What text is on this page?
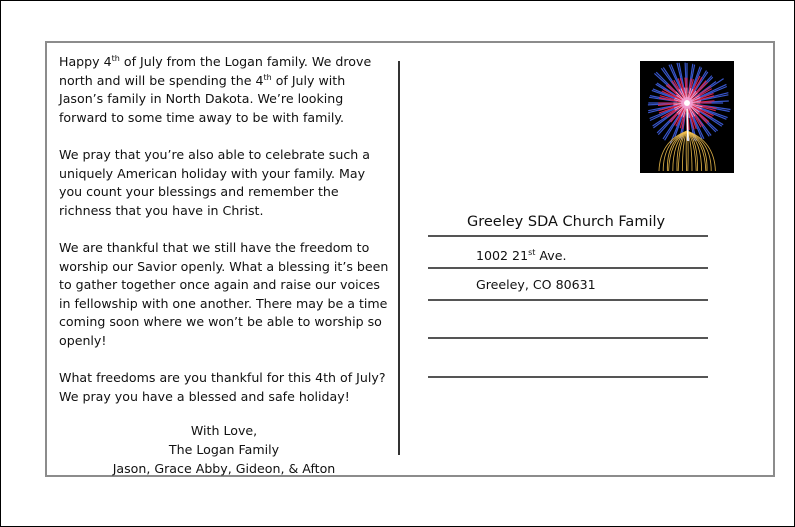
Happy 4th of July from the Logan family. We drove north and will be spending the 4th of July with Jason’s family in North Dakota. We’re looking forward to some time away to be with family.

We pray that you’re also able to celebrate such a uniquely American holiday with your family. May you count your blessings and remember the richness that you have in Christ.

We are thankful that we still have the freedom to worship our Savior openly. What a blessing it’s been to gather together once again and raise our voices in fellowship with one another. There may be a time coming soon where we won’t be able to worship so openly!

What freedoms are you thankful for this 4th of July? We pray you have a blessed and safe holiday!

With Love,
The Logan Family
Jason, Grace Abby, Gideon, & Afton
Greeley SDA Church Family
1002 21st Ave.
Greeley, CO 80631
